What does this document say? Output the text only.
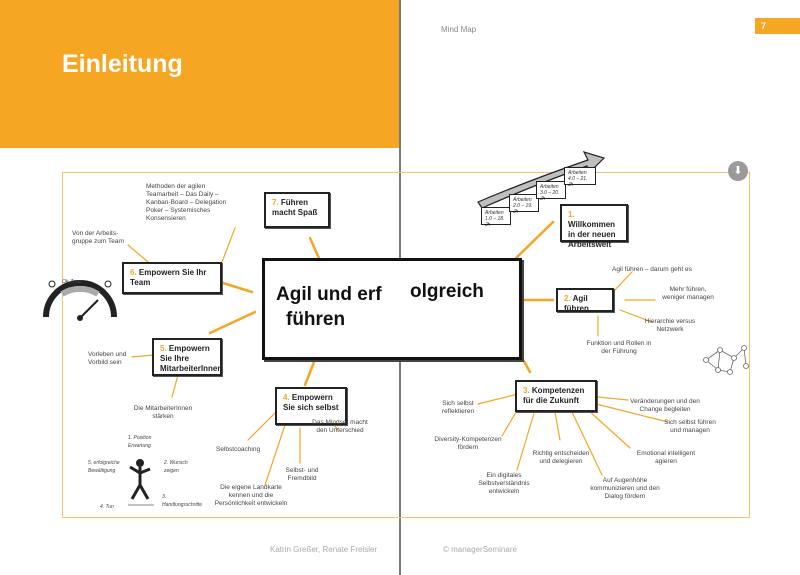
Einleitung
Mind Map	7
⬇
Agil und erf olgreich
führen
1. Willkommen in der neuen Arbeitswelt
2. Agil führen
3. Kompetenzen für die Zukunft
4. Empowern Sie sich selbst
5. Empowern Sie Ihre MitarbeiterInnen
6. Empowern Sie Ihr Team
7. Führen macht Spaß
Methoden der agilen Teamarbeit – Das Daily – Kanban-Board – Delegation Poker – Systemisches Konsensieren
Von der Arbeits-gruppe zum Team
Vorleben und Vorbild sein
Die MitarbeiterInnen stärken
Selbstcoaching
Die eigene Landkarte kennen und die Persönlichkeit entwickeln
Selbst- und Fremdbild
Das Mindset macht den Unterschied
Agil führen – darum geht es
Mehr führen, weniger managen
Hierarchie versus Netzwerk
Funktion und Rollen in der Führung
Sich selbst reflektieren
Diversity-Kompetenzen fördern
Ein digitales Selbstverständnis entwickeln
Richtig entscheiden und delegieren
Auf Augenhöhe kommunizieren und den Dialog fördern
Emotional intelligent agieren
Sich selbst führen und managen
Veränderungen und den Change begleiten
Arbeiten 1.0 – 18. Jh
Arbeiten 2.0 – 19. Jh
Arbeiten 3.0 – 20. Jh
Arbeiten 4.0 – 21. Jh
Ok-Zone
1. Position Erwartung
2. Wunsch zeigen
3. Handlungsschritte
4. Tun
5. erfolgreiche Bewältigung
Katrin Greßer, Renate Freisler	© managerSeminare
